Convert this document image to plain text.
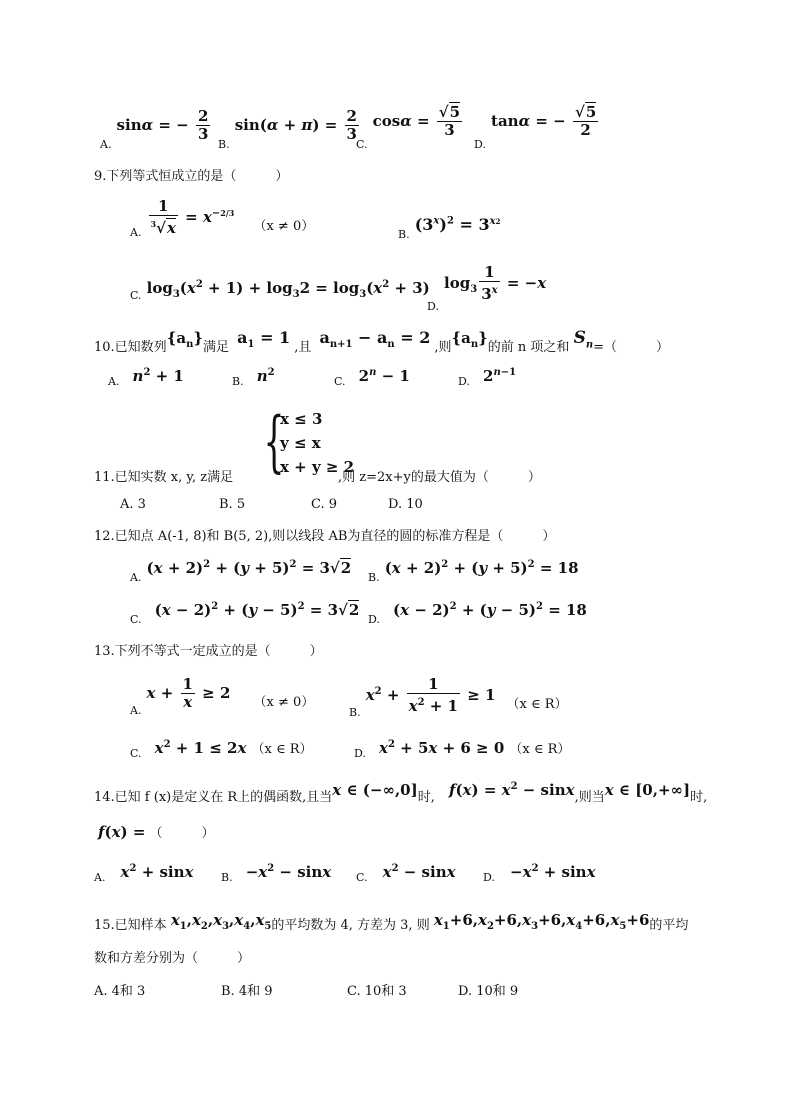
$_{A.}$ sinα = − $\frac{2}{3}$
$_{B.}$ $\sin(\alpha + \pi) = \frac{2}{3}$
$_{C.}$ $\cos\alpha = \frac{√5}{3}$
$_{D.}$ tanα = − $\frac{√5}{2}$
9.下列等式恒成立的是（　　　）
$_{A.} \frac{1}{^3√x} = x^{-2/3}$ $_{(x \ne 0)}$
$_{B.}$ $(3^x)^2 = 3^{x2}$
$_{C.}$ $\log_3(x^2 + 1) + \log_32 = \log_3(x^2 + 3)$
$_{D.}$ $\log_3 \frac{1}{3^x} = -x$
10.已知数列$\{a_n\}$满足 $a_1 = 1$,且 $a_{n+1} - a_n = 2$,则$\{a_n\}$的前 n 项之和 $S_n=$（　　　）
$_{A.}$ $n^2 + 1$	$_{B.}$ $n^2$
$_{C.}$ $2^n - 1$	$_{D.}$ $2^{n-1}$
11.已知实数 x, y, z满足 {
x ≤ 3
y ≤ x
x + y ≥ 2
,则 z=2x+y的最大值为（　　　）
A. 3	B. 5	C. 9	D. 10
12.已知点 A(-1, 8)和 B(5, 2),则以线段 AB为直径的圆的标准方程是（　　　）
$_{A.}$ $(x + 2)^2 + (y + 5)^2 = 3√2$
$_{B.}$ $(x + 2)^2 + (y + 5)^2 = 18$
$_{C.}$ $(x - 2)^2 + (y - 5)^2 = 3√2$
$_{D.}$ $(x - 2)^2 + (y - 5)^2 = 18$
13.下列不等式一定成立的是（　　　）
$_{A.}$ $x + \frac{1}{x} \ge 2$ $_{(x \ne 0)}$
$_{B.}$ $x^2 + \frac{1}{x^2 + 1} \ge 1$ $_{(x \in R)}$
$_{C.}$ $x^2 + 1 \le 2x$ （x ∈ R）	$_{D.}$ $x^2 + 5x + 6 \ge 0$ （x ∈ R）
14.已知 f (x)是定义在 R上的偶函数,且当x ∈ (−∞,0]时, $f(x) = x^2 - \sin x$,则当x ∈ [0,+∞]时,
f(x) = （　　　）
$_{A.}$ $x^2 + \sin x$	$_{B.} -x^2 - \sin x$ $_{C.}$ $x^2 - \sin x$ $_{D.} -x^2 + \sin x$
15.已知样本 $x_1,x_2,x_3,x_4,x_5$的平均数为 4, 方差为 3, 则 $x_1+6,x_2+6,x_3+6,x_4+6,x_5+6$的平均
数和方差分别为（　　　）
A. 4和 3	B. 4和 9	C. 10和 3	D. 10和 9
